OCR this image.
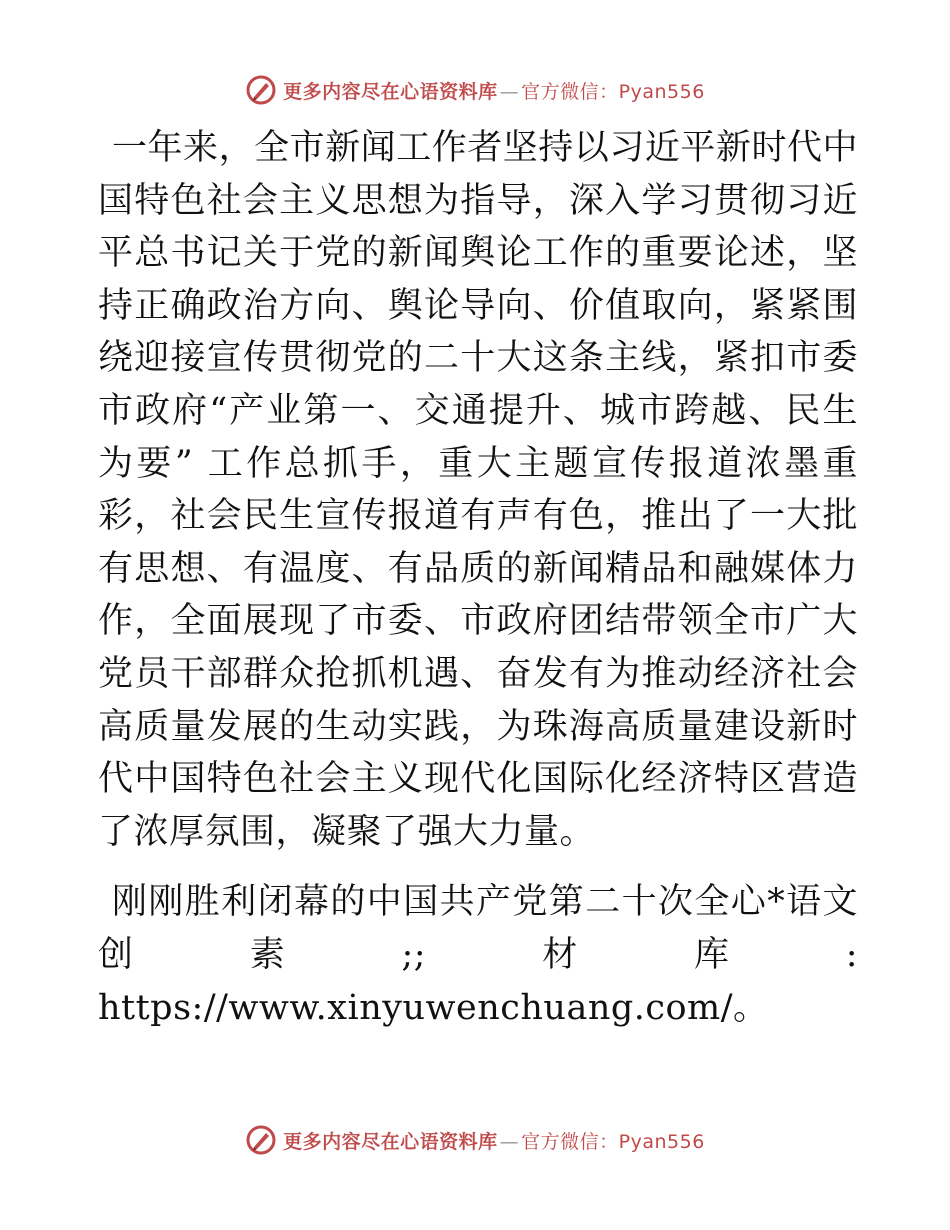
更多内容尽在心语资料库 — 官方微信：Pyan556

一年来，全市新闻工作者坚持以习近平新时代中国特色社会主义思想为指导，深入学习贯彻习近平总书记关于党的新闻舆论工作的重要论述，坚持正确政治方向、舆论导向、价值取向，紧紧围绕迎接宣传贯彻党的二十大这条主线，紧扣市委市政府“产业第一、交通提升、城市跨越、民生为要” 工作总抓手，重大主题宣传报道浓墨重彩，社会民生宣传报道有声有色，推出了一大批有思想、有温度、有品质的新闻精品和融媒体力作，全面展现了市委、市政府团结带领全市广大党员干部群众抢抓机遇、奋发有为推动经济社会高质量发展的生动实践，为珠海高质量建设新时代中国特色社会主义现代化国际化经济特区营造了浓厚氛围，凝聚了强大力量。

刚刚胜利闭幕的中国共产党第二十次全心*语文创素;;材库: https://www.xinyuwenchuang.com/。

更多内容尽在心语资料库 — 官方微信：Pyan556
